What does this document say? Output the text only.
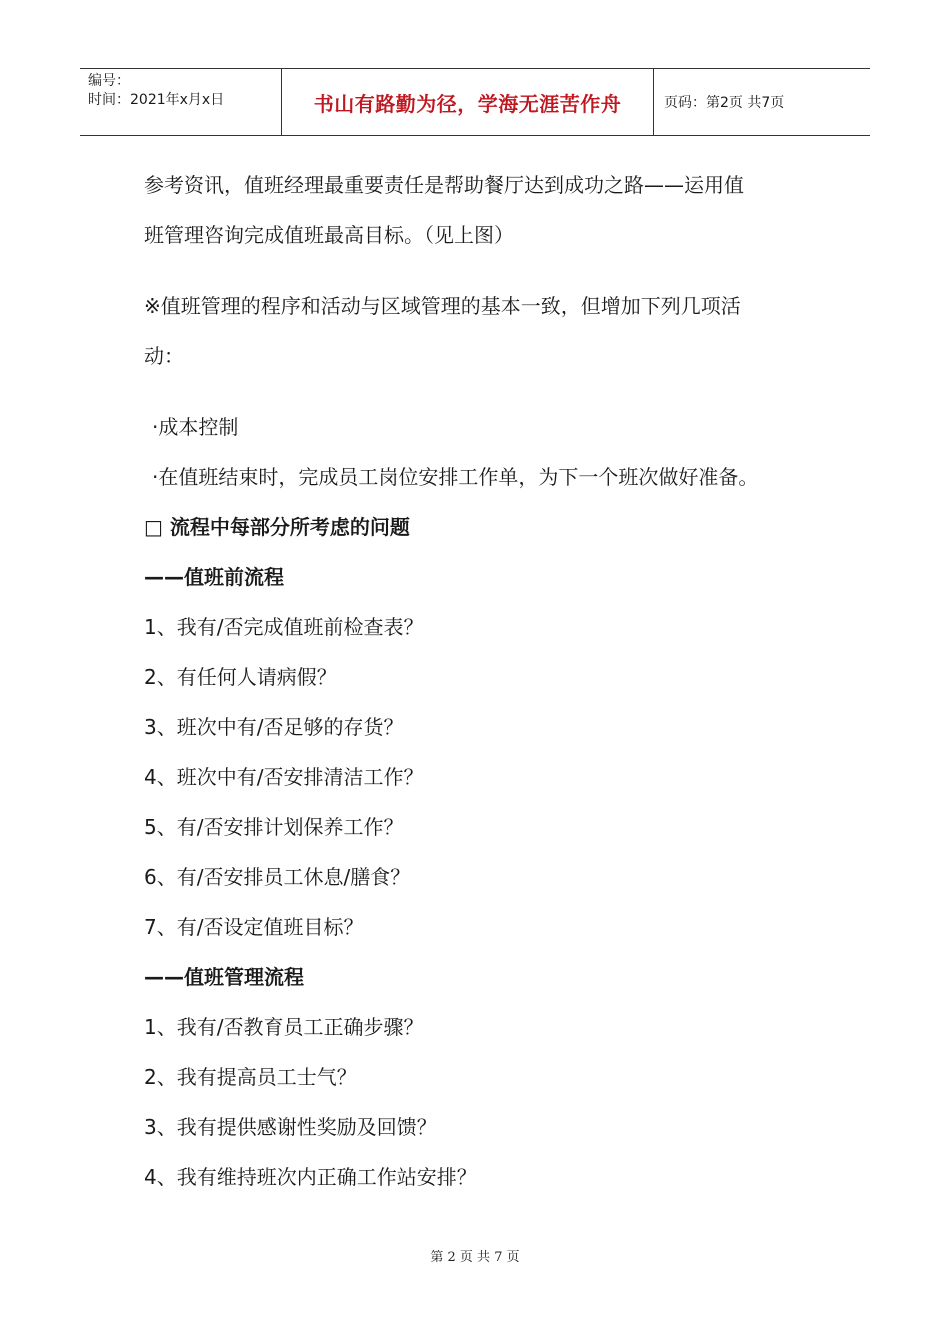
编号：
时间：2021年x月x日	书山有路勤为径，学海无涯苦作舟	页码：第2页 共7页

参考资讯，值班经理最重要责任是帮助餐厅达到成功之路——运用值

班管理咨询完成值班最高目标。（见上图）

※值班管理的程序和活动与区域管理的基本一致，但增加下列几项活

动：

·成本控制

·在值班结束时，完成员工岗位安排工作单，为下一个班次做好准备。

□ 流程中每部分所考虑的问题

——值班前流程

1、我有/否完成值班前检查表？

2、有任何人请病假？

3、班次中有/否足够的存货？

4、班次中有/否安排清洁工作？

5、有/否安排计划保养工作？

6、有/否安排员工休息/膳食？

7、有/否设定值班目标？

——值班管理流程

1、我有/否教育员工正确步骤？

2、我有提高员工士气？

3、我有提供感谢性奖励及回馈？

4、我有维持班次内正确工作站安排？

第 2 页 共 7 页
